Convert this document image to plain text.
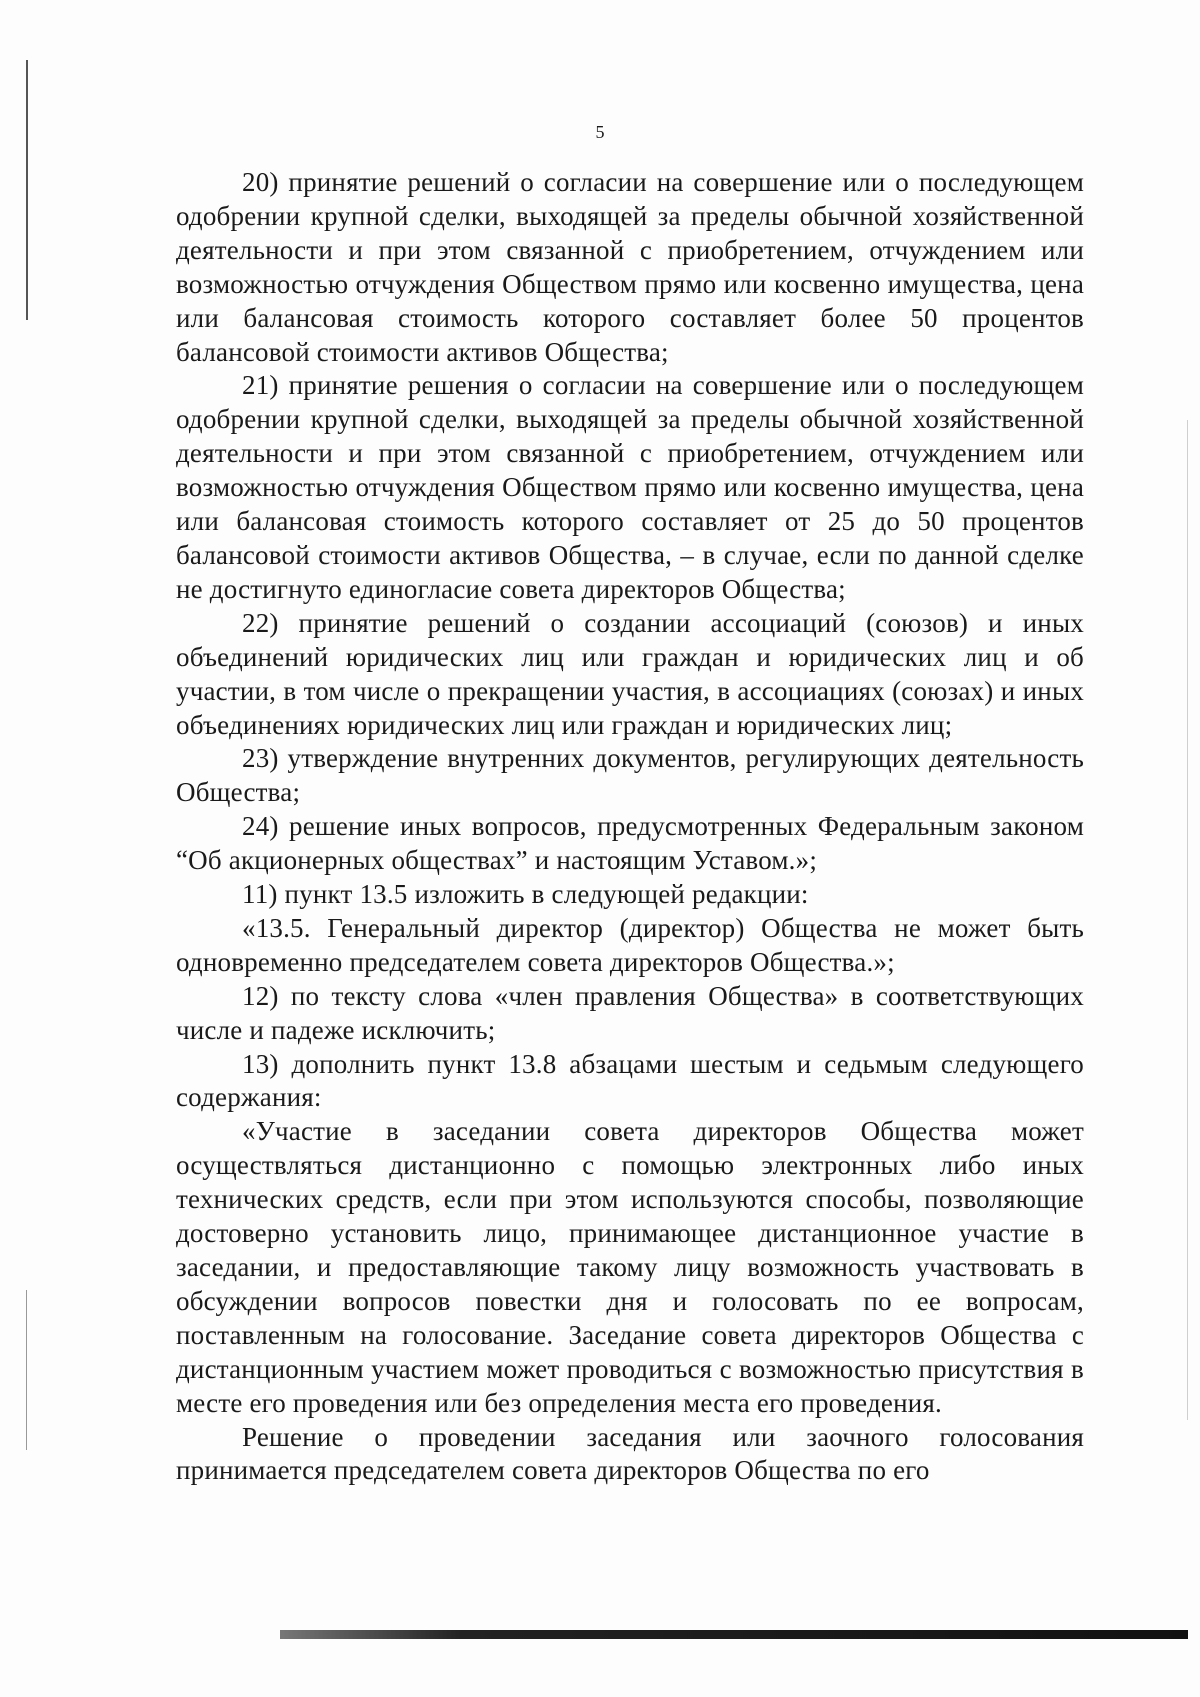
5

20) принятие решений о согласии на совершение или о последующем одобрении крупной сделки, выходящей за пределы обычной хозяйственной деятельности и при этом связанной с приобретением, отчуждением или возможностью отчуждения Обществом прямо или косвенно имущества, цена или балансовая стоимость которого составляет более 50 процентов балансовой стоимости активов Общества;

21) принятие решения о согласии на совершение или о последующем одобрении крупной сделки, выходящей за пределы обычной хозяйственной деятельности и при этом связанной с приобретением, отчуждением или возможностью отчуждения Обществом прямо или косвенно имущества, цена или балансовая стоимость которого составляет от 25 до 50 процентов балансовой стоимости активов Общества, – в случае, если по данной сделке не достигнуто единогласие совета директоров Общества;

22) принятие решений о создании ассоциаций (союзов) и иных объединений юридических лиц или граждан и юридических лиц и об участии, в том числе о прекращении участия, в ассоциациях (союзах) и иных объединениях юридических лиц или граждан и юридических лиц;

23) утверждение внутренних документов, регулирующих деятельность Общества;

24) решение иных вопросов, предусмотренных Федеральным законом “Об акционерных обществах” и настоящим Уставом.»;

11) пункт 13.5 изложить в следующей редакции:

«13.5. Генеральный директор (директор) Общества не может быть одновременно председателем совета директоров Общества.»;

12) по тексту слова «член правления Общества» в соответствующих числе и падеже исключить;

13) дополнить пункт 13.8 абзацами шестым и седьмым следующего содержания:

«Участие в заседании совета директоров Общества может осуществляться дистанционно с помощью электронных либо иных технических средств, если при этом используются способы, позволяющие достоверно установить лицо, принимающее дистанционное участие в заседании, и предоставляющие такому лицу возможность участвовать в обсуждении вопросов повестки дня и голосовать по ее вопросам, поставленным на голосование. Заседание совета директоров Общества с дистанционным участием может проводиться с возможностью присутствия в месте его проведения или без определения места его проведения.

Решение о проведении заседания или заочного голосования принимается председателем совета директоров Общества по его
